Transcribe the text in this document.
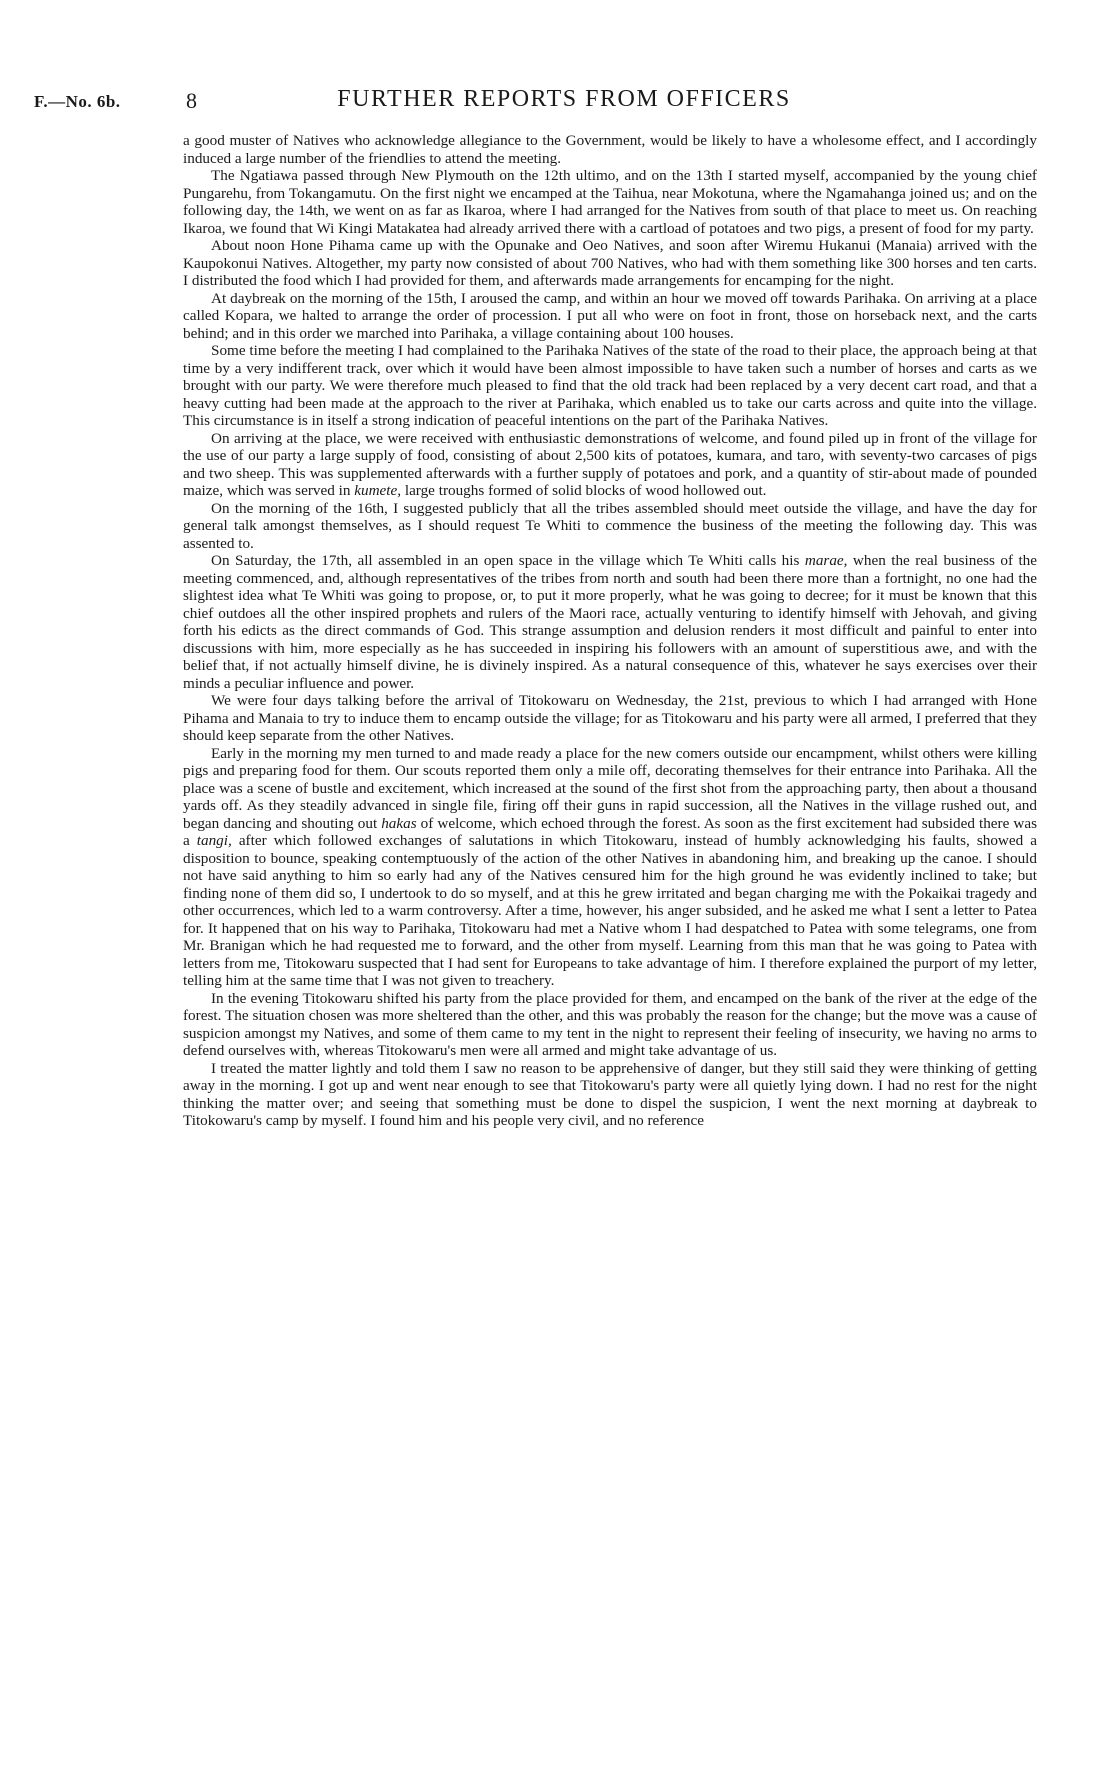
F.—No. 6b.	8	FURTHER REPORTS FROM OFFICERS

a good muster of Natives who acknowledge allegiance to the Government, would be likely to have a wholesome effect, and I accordingly induced a large number of the friendlies to attend the meeting.

The Ngatiawa passed through New Plymouth on the 12th ultimo, and on the 13th I started myself, accompanied by the young chief Pungarehu, from Tokangamutu. On the first night we encamped at the Taihua, near Mokotuna, where the Ngamahanga joined us; and on the following day, the 14th, we went on as far as Ikaroa, where I had arranged for the Natives from south of that place to meet us. On reaching Ikaroa, we found that Wi Kingi Matakatea had already arrived there with a cartload of potatoes and two pigs, a present of food for my party.

About noon Hone Pihama came up with the Opunake and Oeo Natives, and soon after Wiremu Hukanui (Manaia) arrived with the Kaupokonui Natives. Altogether, my party now consisted of about 700 Natives, who had with them something like 300 horses and ten carts. I distributed the food which I had provided for them, and afterwards made arrangements for encamping for the night.

At daybreak on the morning of the 15th, I aroused the camp, and within an hour we moved off towards Parihaka. On arriving at a place called Kopara, we halted to arrange the order of procession. I put all who were on foot in front, those on horseback next, and the carts behind; and in this order we marched into Parihaka, a village containing about 100 houses.

Some time before the meeting I had complained to the Parihaka Natives of the state of the road to their place, the approach being at that time by a very indifferent track, over which it would have been almost impossible to have taken such a number of horses and carts as we brought with our party. We were therefore much pleased to find that the old track had been replaced by a very decent cart road, and that a heavy cutting had been made at the approach to the river at Parihaka, which enabled us to take our carts across and quite into the village. This circumstance is in itself a strong indication of peaceful intentions on the part of the Parihaka Natives.

On arriving at the place, we were received with enthusiastic demonstrations of welcome, and found piled up in front of the village for the use of our party a large supply of food, consisting of about 2,500 kits of potatoes, kumara, and taro, with seventy-two carcases of pigs and two sheep. This was supplemented afterwards with a further supply of potatoes and pork, and a quantity of stir-about made of pounded maize, which was served in kumete, large troughs formed of solid blocks of wood hollowed out.

On the morning of the 16th, I suggested publicly that all the tribes assembled should meet outside the village, and have the day for general talk amongst themselves, as I should request Te Whiti to commence the business of the meeting the following day. This was assented to.

On Saturday, the 17th, all assembled in an open space in the village which Te Whiti calls his marae, when the real business of the meeting commenced, and, although representatives of the tribes from north and south had been there more than a fortnight, no one had the slightest idea what Te Whiti was going to propose, or, to put it more properly, what he was going to decree; for it must be known that this chief outdoes all the other inspired prophets and rulers of the Maori race, actually venturing to identify himself with Jehovah, and giving forth his edicts as the direct commands of God. This strange assumption and delusion renders it most difficult and painful to enter into discussions with him, more especially as he has succeeded in inspiring his followers with an amount of superstitious awe, and with the belief that, if not actually himself divine, he is divinely inspired. As a natural consequence of this, whatever he says exercises over their minds a peculiar influence and power.

We were four days talking before the arrival of Titokowaru on Wednesday, the 21st, previous to which I had arranged with Hone Pihama and Manaia to try to induce them to encamp outside the village; for as Titokowaru and his party were all armed, I preferred that they should keep separate from the other Natives.

Early in the morning my men turned to and made ready a place for the new comers outside our encampment, whilst others were killing pigs and preparing food for them. Our scouts reported them only a mile off, decorating themselves for their entrance into Parihaka. All the place was a scene of bustle and excitement, which increased at the sound of the first shot from the approaching party, then about a thousand yards off. As they steadily advanced in single file, firing off their guns in rapid succession, all the Natives in the village rushed out, and began dancing and shouting out hakas of welcome, which echoed through the forest. As soon as the first excitement had subsided there was a tangi, after which followed exchanges of salutations in which Titokowaru, instead of humbly acknowledging his faults, showed a disposition to bounce, speaking contemptuously of the action of the other Natives in abandoning him, and breaking up the canoe. I should not have said anything to him so early had any of the Natives censured him for the high ground he was evidently inclined to take; but finding none of them did so, I undertook to do so myself, and at this he grew irritated and began charging me with the Pokaikai tragedy and other occurrences, which led to a warm controversy. After a time, however, his anger subsided, and he asked me what I sent a letter to Patea for. It happened that on his way to Parihaka, Titokowaru had met a Native whom I had despatched to Patea with some telegrams, one from Mr. Branigan which he had requested me to forward, and the other from myself. Learning from this man that he was going to Patea with letters from me, Titokowaru suspected that I had sent for Europeans to take advantage of him. I therefore explained the purport of my letter, telling him at the same time that I was not given to treachery.

In the evening Titokowaru shifted his party from the place provided for them, and encamped on the bank of the river at the edge of the forest. The situation chosen was more sheltered than the other, and this was probably the reason for the change; but the move was a cause of suspicion amongst my Natives, and some of them came to my tent in the night to represent their feeling of insecurity, we having no arms to defend ourselves with, whereas Titokowaru's men were all armed and might take advantage of us.

I treated the matter lightly and told them I saw no reason to be apprehensive of danger, but they still said they were thinking of getting away in the morning. I got up and went near enough to see that Titokowaru's party were all quietly lying down. I had no rest for the night thinking the matter over; and seeing that something must be done to dispel the suspicion, I went the next morning at daybreak to Titokowaru's camp by myself. I found him and his people very civil, and no reference
